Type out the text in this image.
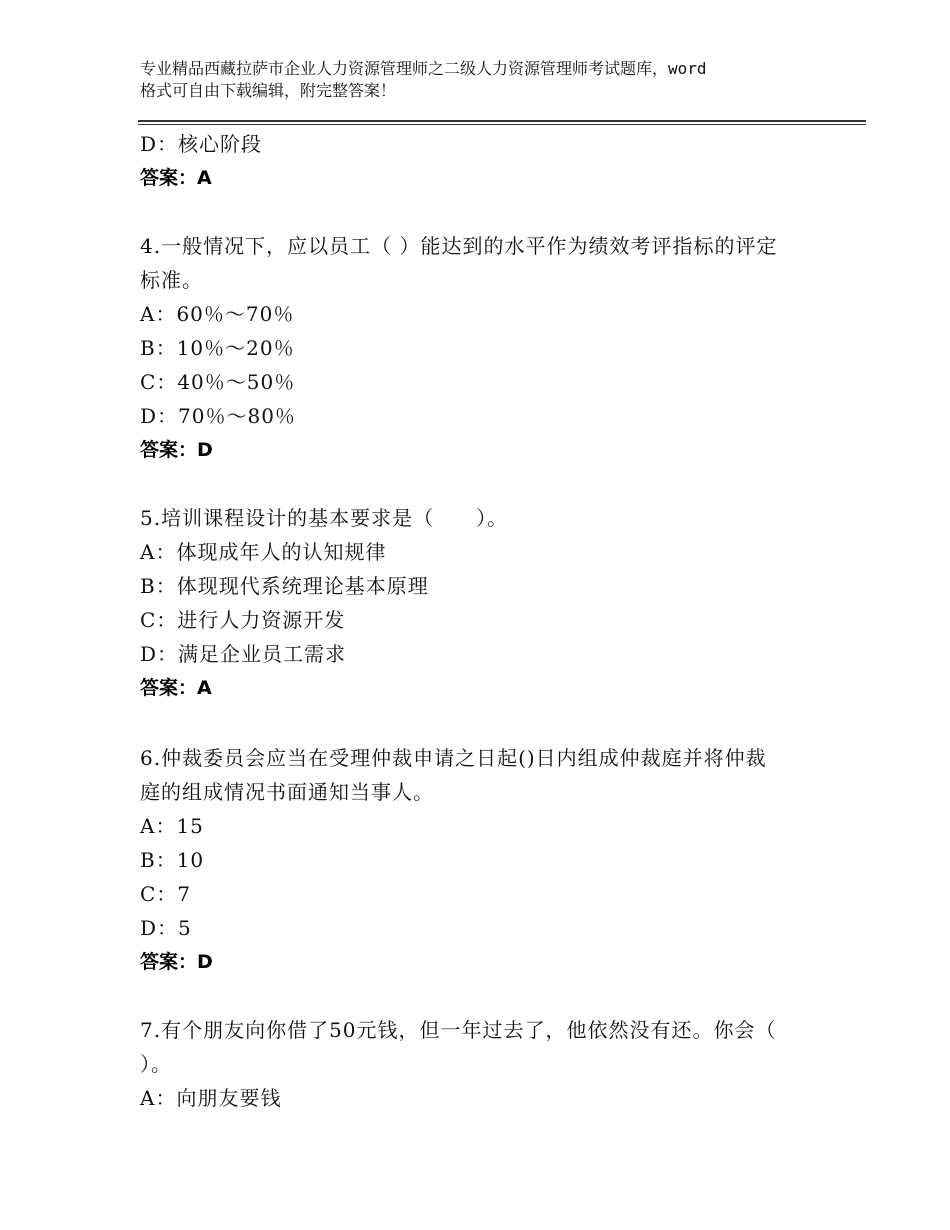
专业精品西藏拉萨市企业人力资源管理师之二级人力资源管理师考试题库，word
格式可自由下载编辑，附完整答案！
D：核心阶段
答案：A
4.一般情况下，应以员工（ ）能达到的水平作为绩效考评指标的评定
标准。
A：60％～70％
B：10％～20％
C：40％～50％
D：70％～80％
答案：D
5.培训课程设计的基本要求是（　　）。
A：体现成年人的认知规律
B：体现现代系统理论基本原理
C：进行人力资源开发
D：满足企业员工需求
答案：A
6.仲裁委员会应当在受理仲裁申请之日起()日内组成仲裁庭并将仲裁
庭的组成情况书面通知当事人。
A：15
B：10
C：7
D：5
答案：D
7.有个朋友向你借了50元钱，但一年过去了，他依然没有还。你会（
）。
A：向朋友要钱
